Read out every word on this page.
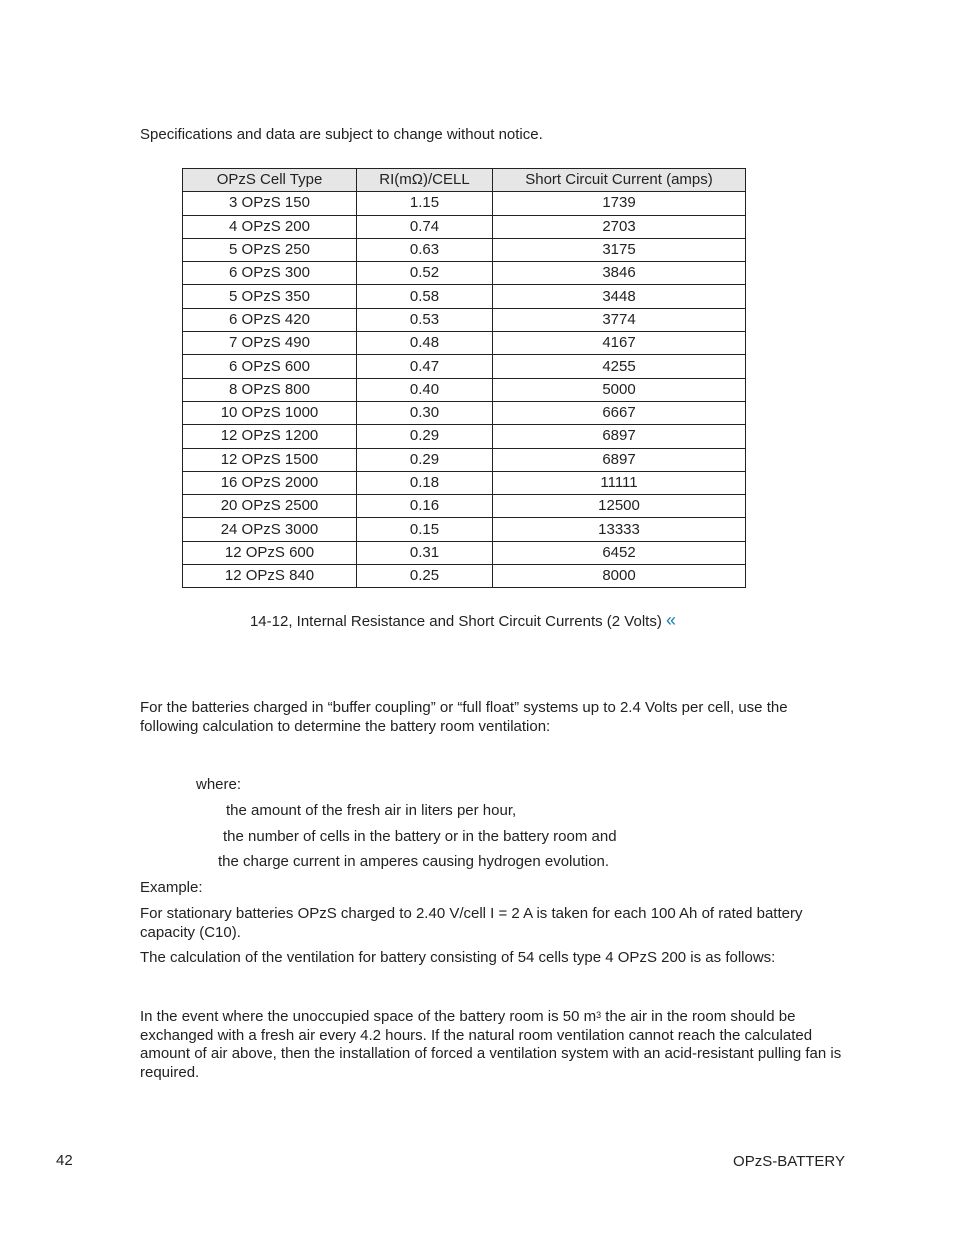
Specifications and data are subject to change without notice.
OPzS Cell Type	RI(mΩ)/CELL	Short Circuit Current (amps)
3 OPzS 150	1.15	1739
4 OPzS 200	0.74	2703
5 OPzS 250	0.63	3175
6 OPzS 300	0.52	3846
5 OPzS 350	0.58	3448
6 OPzS 420	0.53	3774
7 OPzS 490	0.48	4167
6 OPzS 600	0.47	4255
8 OPzS 800	0.40	5000
10 OPzS 1000	0.30	6667
12 OPzS 1200	0.29	6897
12 OPzS 1500	0.29	6897
16 OPzS 2000	0.18	11111
20 OPzS 2500	0.16	12500
24 OPzS 3000	0.15	13333
12 OPzS 600	0.31	6452
12 OPzS 840	0.25	8000
14-12, Internal Resistance and Short Circuit Currents (2 Volts) «
For the batteries charged in “buffer coupling” or “full float” systems up to 2.4 Volts per cell, use the following calculation to determine the battery room ventilation:
where:
the amount of the fresh air in liters per hour,
the number of cells in the battery or in the battery room and
the charge current in amperes causing hydrogen evolution.
Example:
For stationary batteries OPzS charged to 2.40 V/cell I = 2 A is taken for each 100 Ah of rated battery capacity (C10).
The calculation of the ventilation for battery consisting of 54 cells type 4 OPzS 200 is as follows:
In the event where the unoccupied space of the battery room is 50 $m^3$ the air in the room should be exchanged with a fresh air every 4.2 hours. If the natural room ventilation cannot reach the calculated amount of air above, then the installation of forced a ventilation system with an acid-resistant pulling fan is required.
42	OPzS-BATTERY
